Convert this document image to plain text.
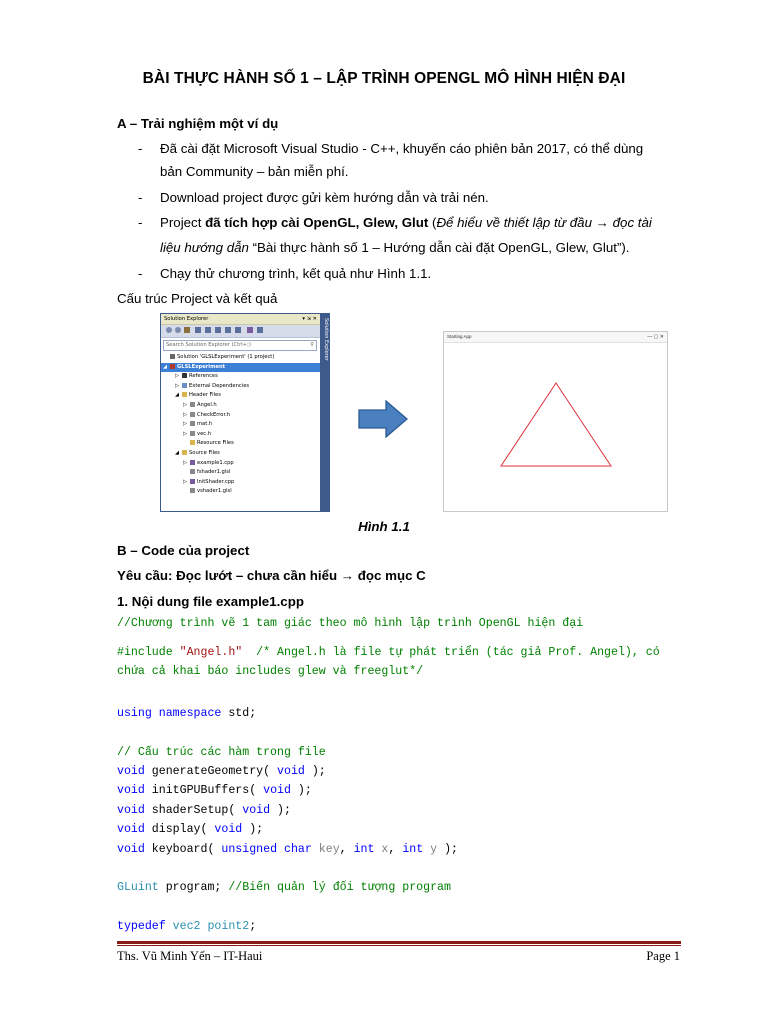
BÀI THỰC HÀNH SỐ 1 – LẬP TRÌNH OPENGL MÔ HÌNH HIỆN ĐẠI
A – Trải nghiệm một ví dụ
- Đã cài đặt Microsoft Visual Studio - C++, khuyến cáo phiên bản 2017, có thể dùng
bản Community – bản miễn phí.
- Download project được gửi kèm hướng dẫn và trải nén.
- Project đã tích hợp cài OpenGL, Glew, Glut (Để hiểu về thiết lập từ đầu → đọc tài
liệu hướng dẫn “Bài thực hành số 1 – Hướng dẫn cài đặt OpenGL, Glew, Glut”).
- Chạy thử chương trình, kết quả như Hình 1.1.
Cấu trúc Project và kết quả
Solution Explorer	▾ ⇲ ✕	Solution Explorer
Search Solution Explorer (Ctrl+;)	⚲
Solution 'GLSLExperiment' (1 project)
◢ GLSLExperiment
▷ References
▷ External Dependencies
◢ Header Files
▷ Angel.h
▷ CheckError.h
▷ mat.h
▷ vec.h
Resource Files
◢ Source Files
▷ example1.cpp
fshader1.glsl
▷ InitShader.cpp
vshader1.glsl
Starting App	— ▢ ✕
Hình 1.1
B – Code của project
Yêu cầu: Đọc lướt – chưa cần hiểu → đọc mục C
1. Nội dung file example1.cpp
//Chương trình vẽ 1 tam giác theo mô hình lập trình OpenGL hiện đại
#include "Angel.h"  /* Angel.h là file tự phát triển (tác giả Prof. Angel), có
chứa cả khai báo includes glew và freeglut*/
using namespace std;
// Cấu trúc các hàm trong file
void generateGeometry( void );
void initGPUBuffers( void );
void shaderSetup( void );
void display( void );
void keyboard( unsigned char key, int x, int y );
GLuint program; //Biến quản lý đối tượng program
typedef vec2 point2;
Ths. Vũ Minh Yến – IT-Haui	Page 1
